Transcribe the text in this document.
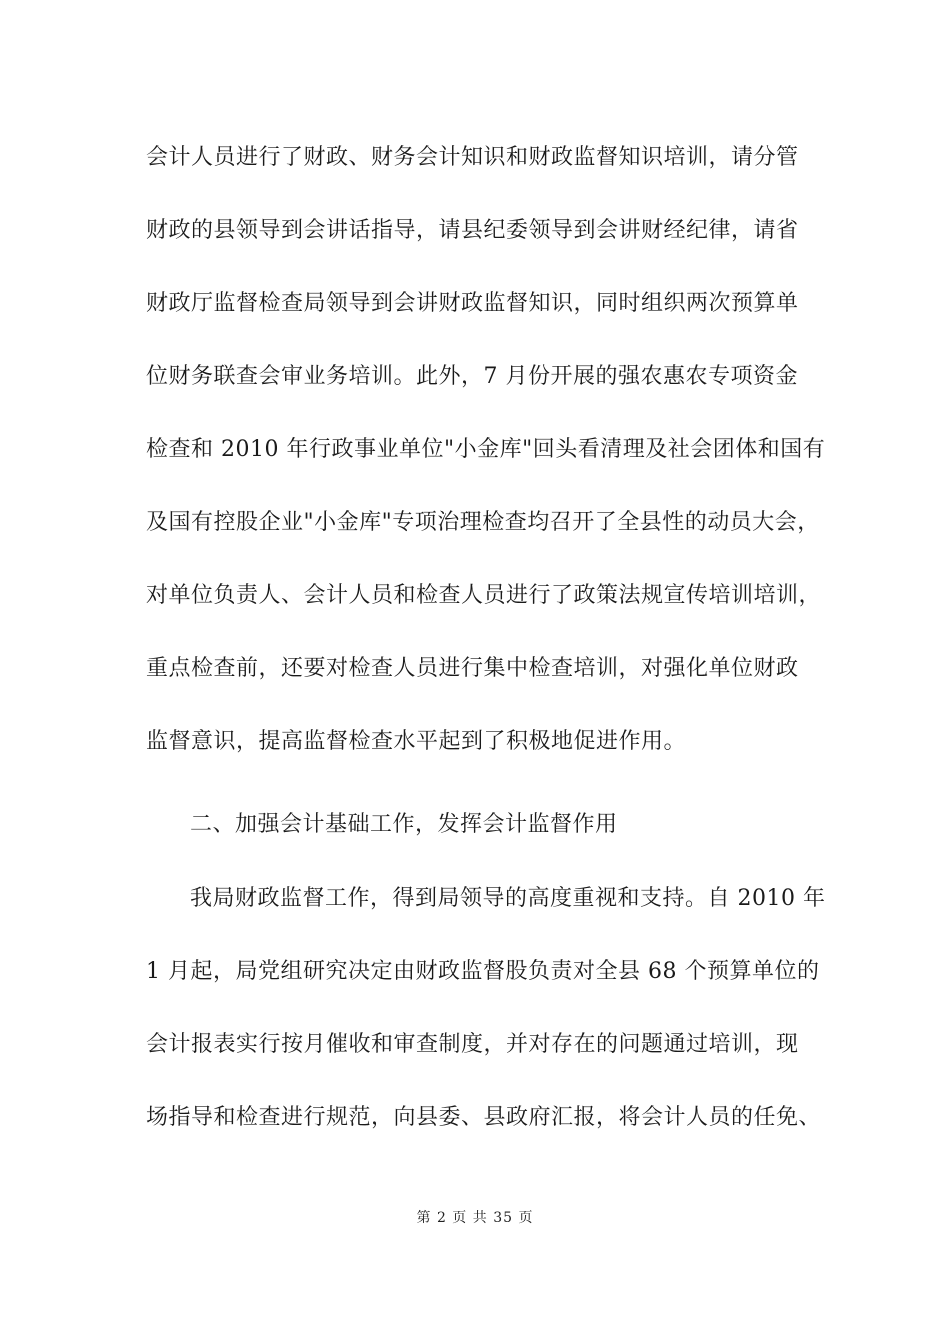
会计人员进行了财政、财务会计知识和财政监督知识培训，请分管
财政的县领导到会讲话指导，请县纪委领导到会讲财经纪律，请省
财政厅监督检查局领导到会讲财政监督知识，同时组织两次预算单
位财务联查会审业务培训。此外，7 月份开展的强农惠农专项资金
检查和 2010 年行政事业单位"小金库"回头看清理及社会团体和国有
及国有控股企业"小金库"专项治理检查均召开了全县性的动员大会，
对单位负责人、会计人员和检查人员进行了政策法规宣传培训培训，
重点检查前，还要对检查人员进行集中检查培训，对强化单位财政
监督意识，提高监督检查水平起到了积极地促进作用。
二、加强会计基础工作，发挥会计监督作用
我局财政监督工作，得到局领导的高度重视和支持。自 2010 年
1 月起，局党组研究决定由财政监督股负责对全县 68 个预算单位的
会计报表实行按月催收和审查制度，并对存在的问题通过培训，现
场指导和检查进行规范，向县委、县政府汇报，将会计人员的任免、
第 2 页 共 35 页
